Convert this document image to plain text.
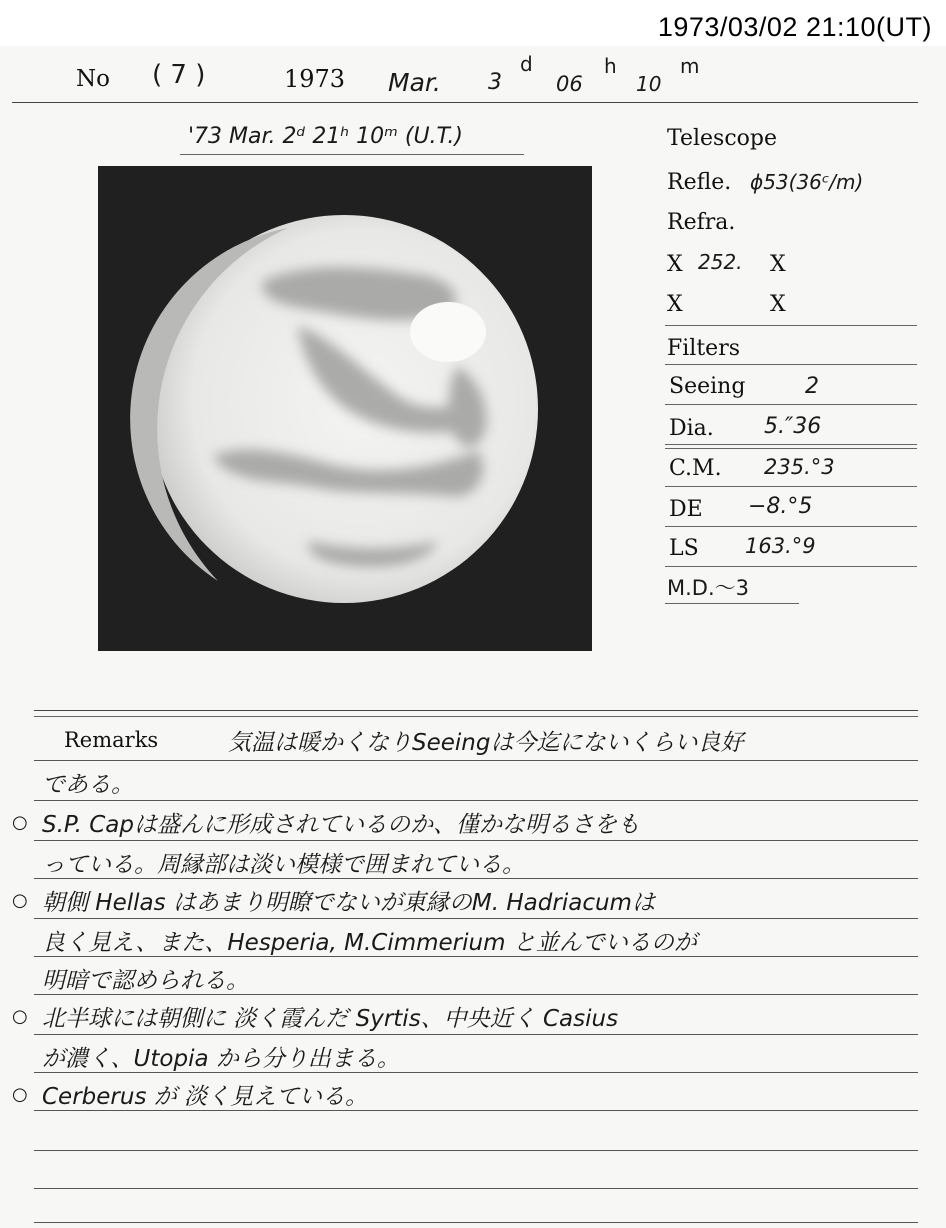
1973/03/02 21:10(UT)
No ( 7 )	1973 Mar. 3
d
06
h
10
m
'73 Mar. 2ᵈ 21ʰ 10ᵐ (U.T.)	Telescope
Refle. ϕ53(36ᶜ/m)
Refra.
X 252. X
X	X
Filters
Seeing	2
Dia. 5.″36
C.M. 235.°3
DE −8.°5
LS 163.°9
M.D.～3
Remarks	気温は暖かくなりSeeingは今迄にないくらい良好
である。
○ S.P. Capは盛んに形成されているのか、僅かな明るさをも
っている。周縁部は淡い模様で囲まれている。
○ 朝側 Hellas はあまり明瞭でないが東縁のM. Hadriacumは
良く見え、また、Hesperia, M.Cimmerium と並んでいるのが
明暗で認められる。
○ 北半球には朝側に 淡く霞んだ Syrtis、中央近く Casius
が濃く、Utopia から分り出まる。
○ Cerberus が 淡く見えている。
